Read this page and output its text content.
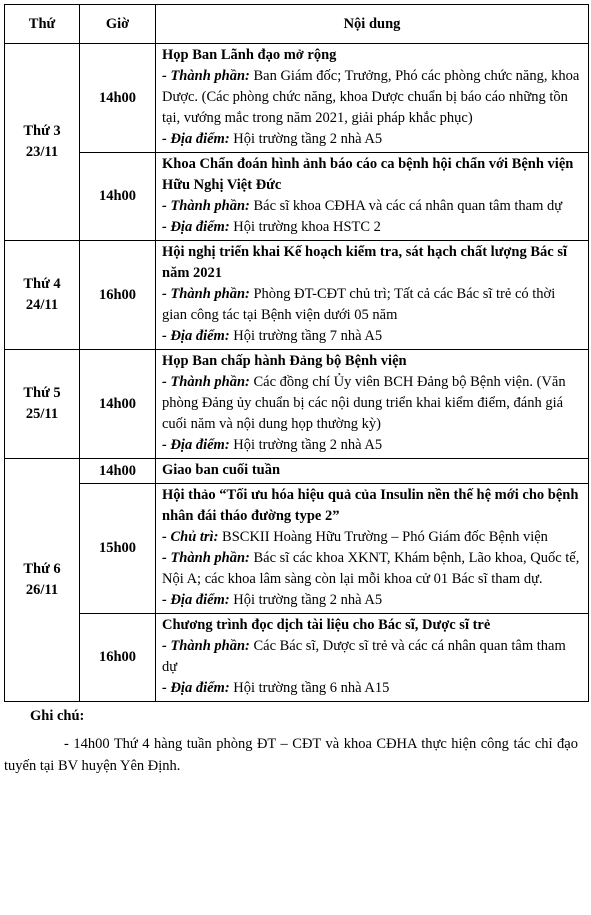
Thứ	Giờ	Nội dung

Thứ 3
23/11	14h00	Họp Ban Lãnh đạo mở rộng
- Thành phần: Ban Giám đốc; Trưởng, Phó các phòng chức năng, khoa Dược. (Các phòng chức năng, khoa Dược chuẩn bị báo cáo những tồn tại, vướng mắc trong năm 2021, giải pháp khắc phục)
- Địa điểm: Hội trường tầng 2 nhà A5

	14h00	Khoa Chẩn đoán hình ảnh báo cáo ca bệnh hội chẩn với Bệnh viện Hữu Nghị Việt Đức
- Thành phần: Bác sĩ khoa CĐHA và các cá nhân quan tâm tham dự
- Địa điểm: Hội trường khoa HSTC 2

Thứ 4
24/11	16h00	Hội nghị triển khai Kế hoạch kiểm tra, sát hạch chất lượng Bác sĩ năm 2021
- Thành phần: Phòng ĐT-CĐT chủ trì; Tất cả các Bác sĩ trẻ có thời gian công tác tại Bệnh viện dưới 05 năm
- Địa điểm: Hội trường tầng 7 nhà A5

Thứ 5
25/11	14h00	Họp Ban chấp hành Đảng bộ Bệnh viện
- Thành phần: Các đồng chí Ủy viên BCH Đảng bộ Bệnh viện. (Văn phòng Đảng ủy chuẩn bị các nội dung triển khai kiểm điểm, đánh giá cuối năm và nội dung họp thường kỳ)
- Địa điểm: Hội trường tầng 2 nhà A5

Thứ 6
26/11	14h00	Giao ban cuối tuần

	15h00	Hội thảo “Tối ưu hóa hiệu quả của Insulin nền thế hệ mới cho bệnh nhân đái tháo đường type 2”
- Chủ trì: BSCKII Hoàng Hữu Trường – Phó Giám đốc Bệnh viện
- Thành phần: Bác sĩ các khoa XKNT, Khám bệnh, Lão khoa, Quốc tế, Nội A; các khoa lâm sàng còn lại mỗi khoa cử 01 Bác sĩ tham dự.
- Địa điểm: Hội trường tầng 2 nhà A5

	16h00	Chương trình đọc dịch tài liệu cho Bác sĩ, Dược sĩ trẻ
- Thành phần: Các Bác sĩ, Dược sĩ trẻ và các cá nhân quan tâm tham dự
- Địa điểm: Hội trường tầng 6 nhà A15
Ghi chú:
- 14h00 Thứ 4 hàng tuần phòng ĐT – CĐT và khoa CĐHA thực hiện công tác chỉ đạo tuyến tại BV huyện Yên Định.
